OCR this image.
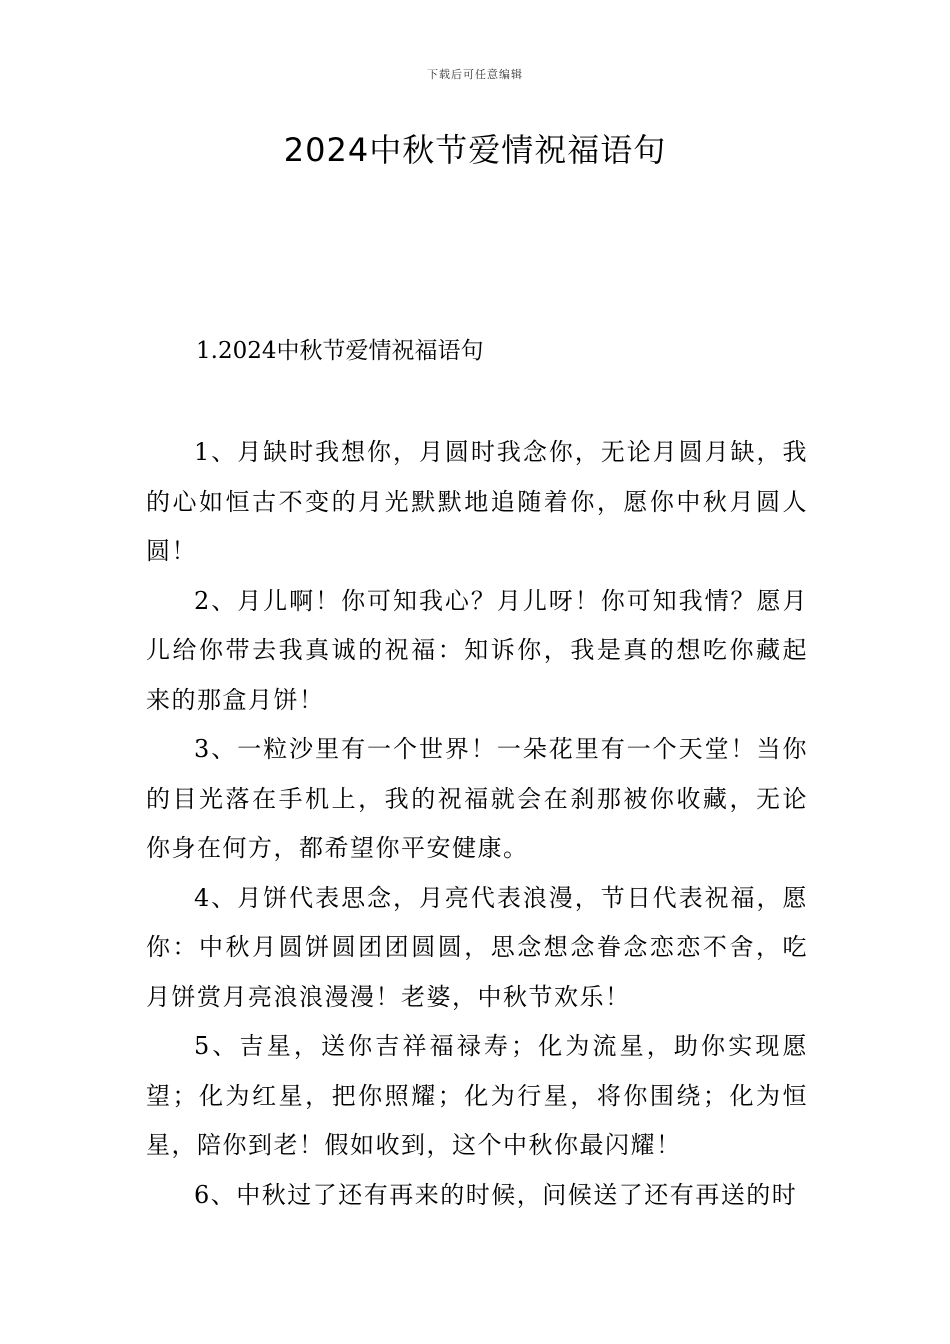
下载后可任意编辑
2024中秋节爱情祝福语句
1.2024中秋节爱情祝福语句

1、月缺时我想你，月圆时我念你，无论月圆月缺，我的心如恒古不变的月光默默地追随着你，愿你中秋月圆人圆！

2、月儿啊！你可知我心？月儿呀！你可知我情？愿月儿给你带去我真诚的祝福：知诉你，我是真的想吃你藏起来的那盒月饼！

3、一粒沙里有一个世界！一朵花里有一个天堂！当你的目光落在手机上，我的祝福就会在刹那被你收藏，无论你身在何方，都希望你平安健康。

4、月饼代表思念，月亮代表浪漫，节日代表祝福，愿你：中秋月圆饼圆团团圆圆，思念想念眷念恋恋不舍，吃月饼赏月亮浪浪漫漫！老婆，中秋节欢乐！

5、吉星，送你吉祥福禄寿；化为流星，助你实现愿望；化为红星，把你照耀；化为行星，将你围绕；化为恒星，陪你到老！假如收到，这个中秋你最闪耀！

6、中秋过了还有再来的时候，问候送了还有再送的时
